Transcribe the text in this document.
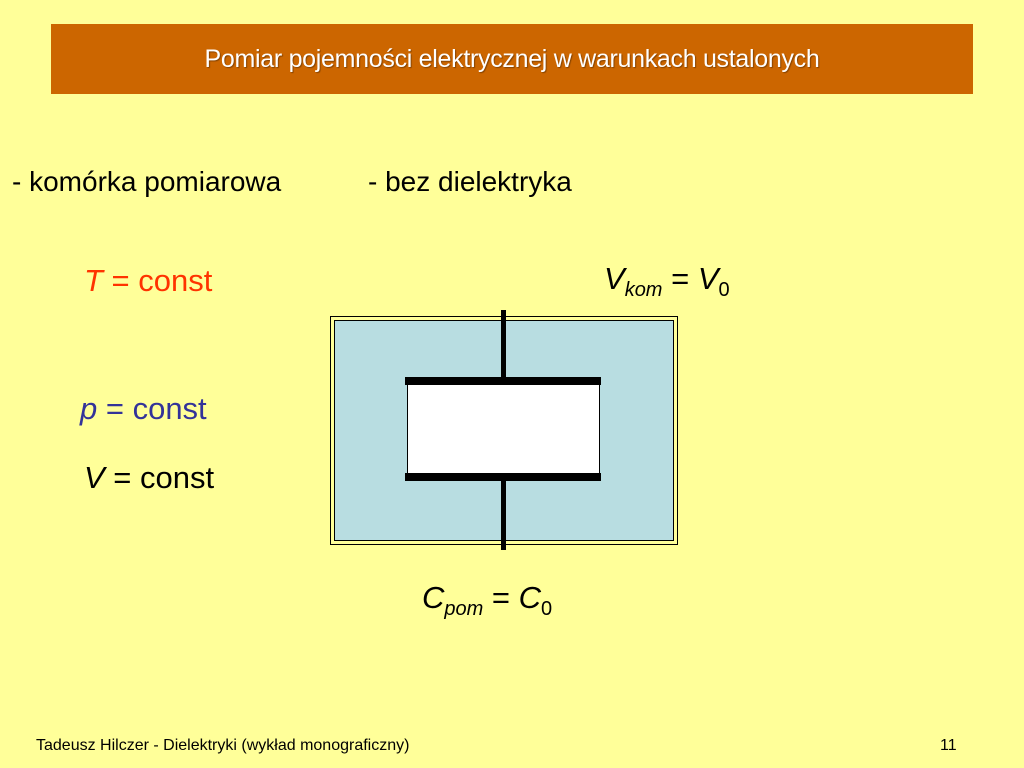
Pomiar pojemności elektrycznej w warunkach ustalonych
- komórka pomiarowa	- bez dielektryka
T = const
p = const
V = const
$V_{kom} = V_0$
$C_{pom} = C_0$
Tadeusz Hilczer - Dielektryki (wykład monograficzny)	11
